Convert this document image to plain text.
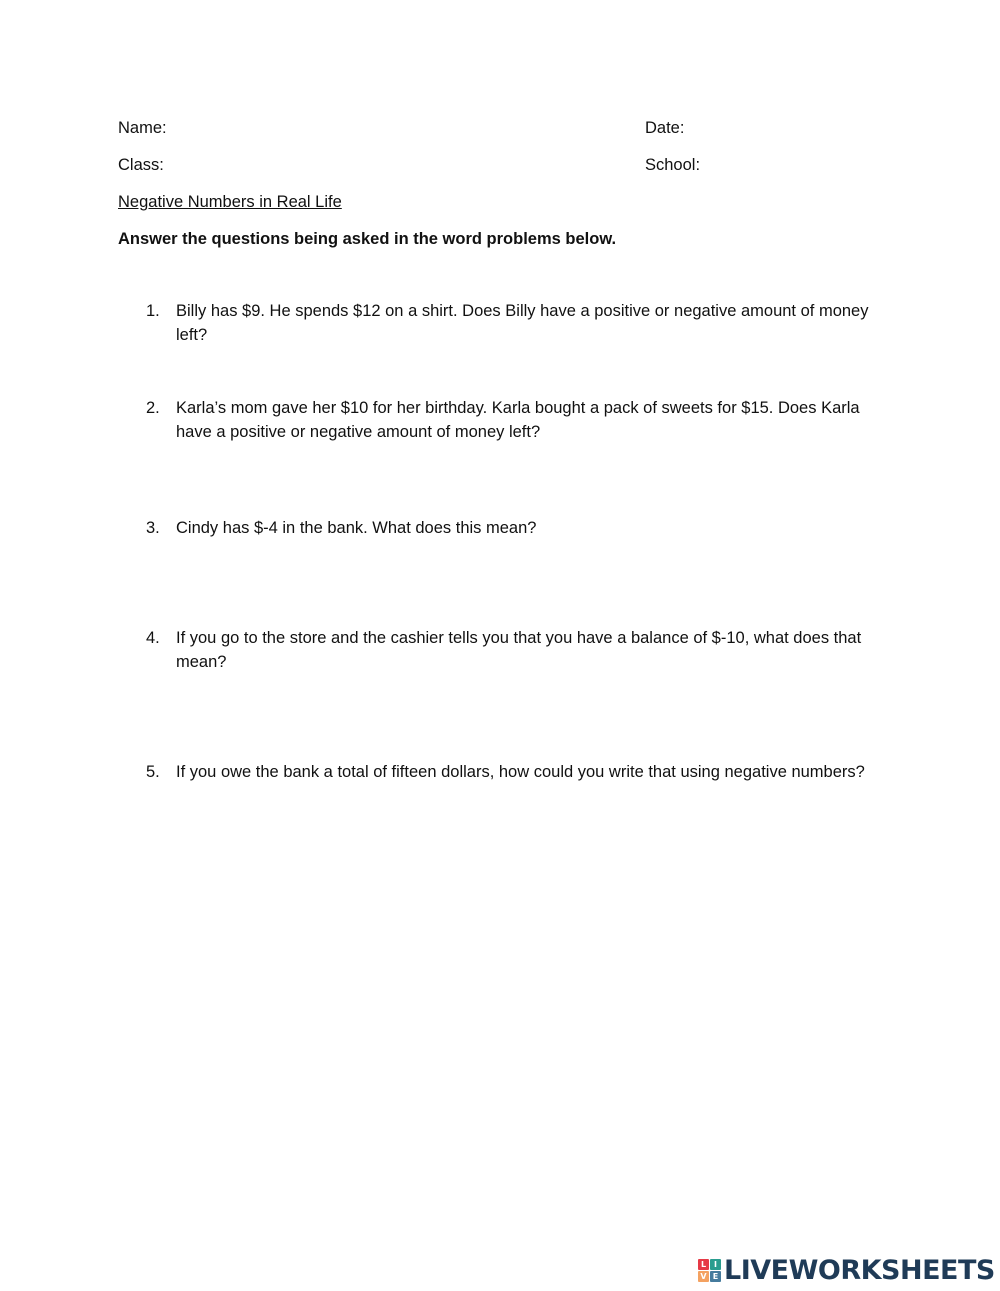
Name:	Date:
Class:	School:
Negative Numbers in Real Life
Answer the questions being asked in the word problems below.
1. Billy has $9. He spends $12 on a shirt. Does Billy have a positive or negative amount of money left?
2. Karla’s mom gave her $10 for her birthday. Karla bought a pack of sweets for $15. Does Karla have a positive or negative amount of money left?
3. Cindy has $-4 in the bank. What does this mean?
4. If you go to the store and the cashier tells you that you have a balance of $-10, what does that mean?
5. If you owe the bank a total of fifteen dollars, how could you write that using negative numbers?
L I
V E LIVEWORKSHEETS
